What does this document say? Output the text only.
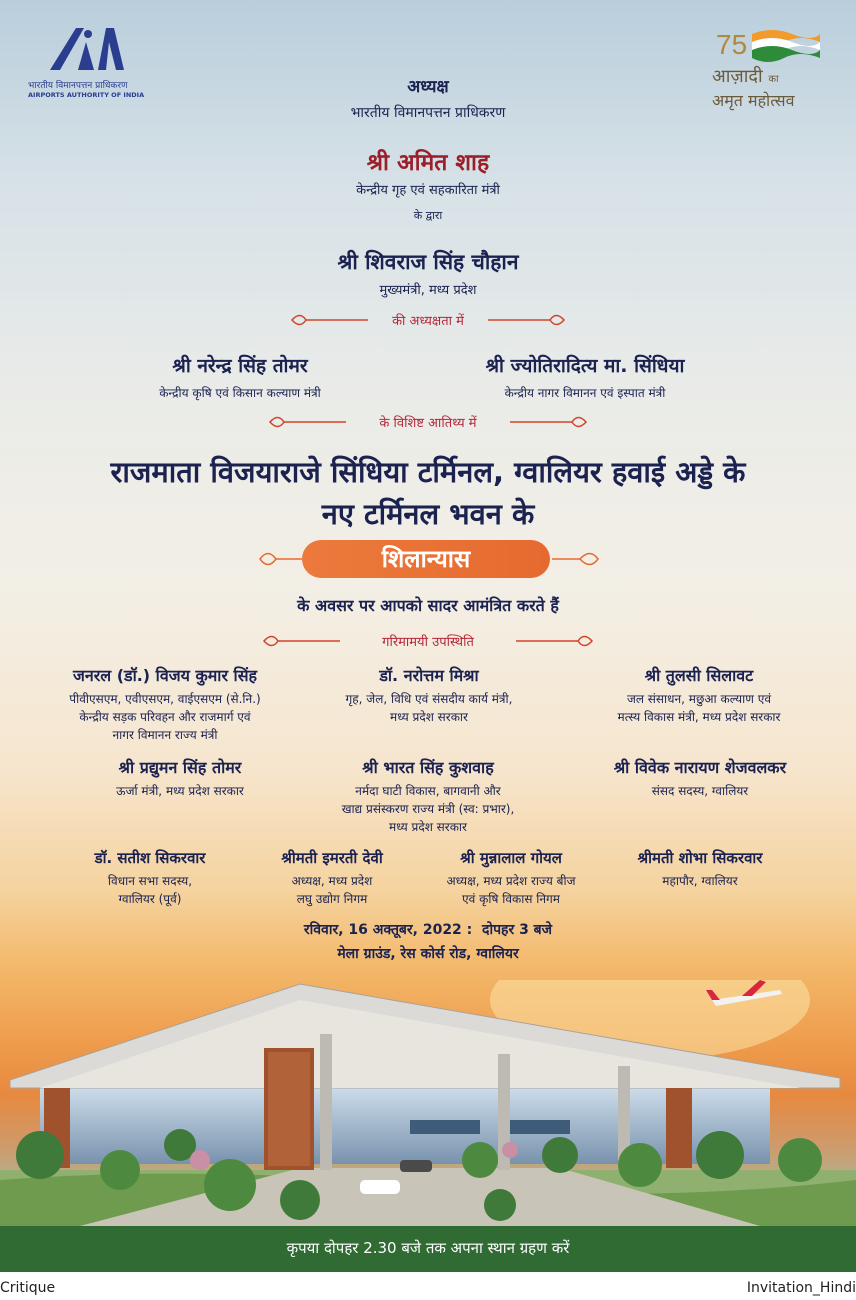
भारतीय विमानपत्तन प्राधिकरण
AIRPORTS AUTHORITY OF INDIA
75
आज़ादी का
अमृत महोत्सव
अध्यक्ष
भारतीय विमानपत्तन प्राधिकरण
श्री अमित शाह
केन्द्रीय गृह एवं सहकारिता मंत्री
के द्वारा
श्री शिवराज सिंह चौहान
मुख्यमंत्री, मध्य प्रदेश
की अध्यक्षता में
श्री नरेन्द्र सिंह तोमर
केन्द्रीय कृषि एवं किसान कल्याण मंत्री
श्री ज्योतिरादित्य मा. सिंधिया
केन्द्रीय नागर विमानन एवं इस्पात मंत्री
के विशिष्ट आतिथ्य में
राजमाता विजयाराजे सिंधिया टर्मिनल, ग्वालियर हवाई अड्डे के
नए टर्मिनल भवन के
शिलान्यास
के अवसर पर आपको सादर आमंत्रित करते हैं
गरिमामयी उपस्थिति
जनरल (डॉ.) विजय कुमार सिंह
पीवीएसएम, एवीएसएम, वाईएसएम (से.नि.)
केन्द्रीय सड़क परिवहन और राजमार्ग एवं
नागर विमानन राज्य मंत्री
डॉ. नरोत्तम मिश्रा
गृह, जेल, विधि एवं संसदीय कार्य मंत्री,
मध्य प्रदेश सरकार
श्री तुलसी सिलावट
जल संसाधन, मछुआ कल्याण एवं
मत्स्य विकास मंत्री, मध्य प्रदेश सरकार
श्री प्रद्युमन सिंह तोमर
ऊर्जा मंत्री, मध्य प्रदेश सरकार
श्री भारत सिंह कुशवाह
नर्मदा घाटी विकास, बागवानी और
खाद्य प्रसंस्करण राज्य मंत्री (स्व: प्रभार),
मध्य प्रदेश सरकार
श्री विवेक नारायण शेजवलकर
संसद सदस्य, ग्वालियर
डॉ. सतीश सिकरवार
विधान सभा सदस्य,
ग्वालियर (पूर्व)
श्रीमती इमरती देवी
अध्यक्ष, मध्य प्रदेश
लघु उद्योग निगम
श्री मुन्नालाल गोयल
अध्यक्ष, मध्य प्रदेश राज्य बीज
एवं कृषि विकास निगम
श्रीमती शोभा सिकरवार
महापौर, ग्वालियर
रविवार, 16 अक्तूबर, 2022 :  दोपहर 3 बजे
मेला ग्राउंड, रेस कोर्स रोड, ग्वालियर
कृपया दोपहर 2.30 बजे तक अपना स्थान ग्रहण करें
Critique	Invitation_Hindi
